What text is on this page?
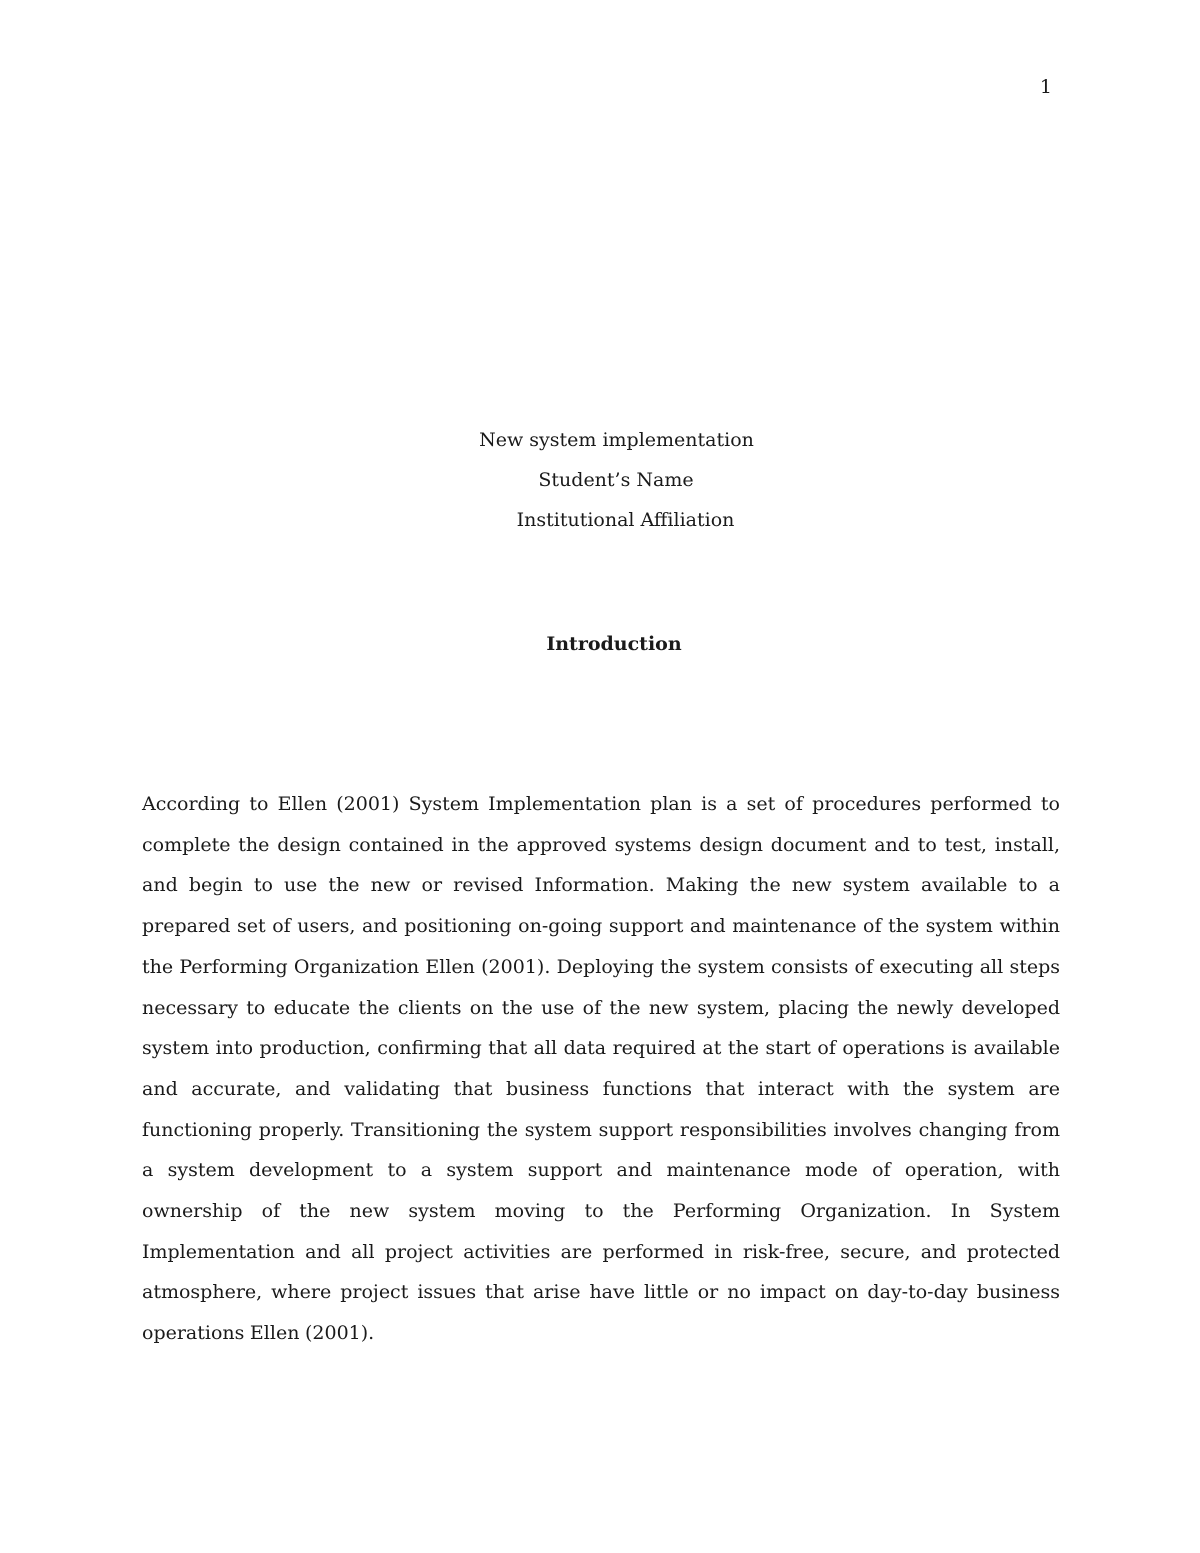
1
New system implementation
Student’s Name
Institutional Affiliation
Introduction

According to Ellen (2001) System Implementation plan is a set of procedures performed to complete the design contained in the approved systems design document and to test, install, and begin to use the new or revised Information. Making the new system available to a prepared set of users, and positioning on-going support and maintenance of the system within the Performing Organization Ellen (2001). Deploying the system consists of executing all steps necessary to educate the clients on the use of the new system, placing the newly developed system into production, confirming that all data required at the start of operations is available and accurate, and validating that business functions that interact with the system are functioning properly. Transitioning the system support responsibilities involves changing from a system development to a system support and maintenance mode of operation, with ownership of the new system moving to the Performing Organization. In System Implementation and all project activities are performed in risk-free, secure, and protected atmosphere, where project issues that arise have little or no impact on day-to-day business operations Ellen (2001).
